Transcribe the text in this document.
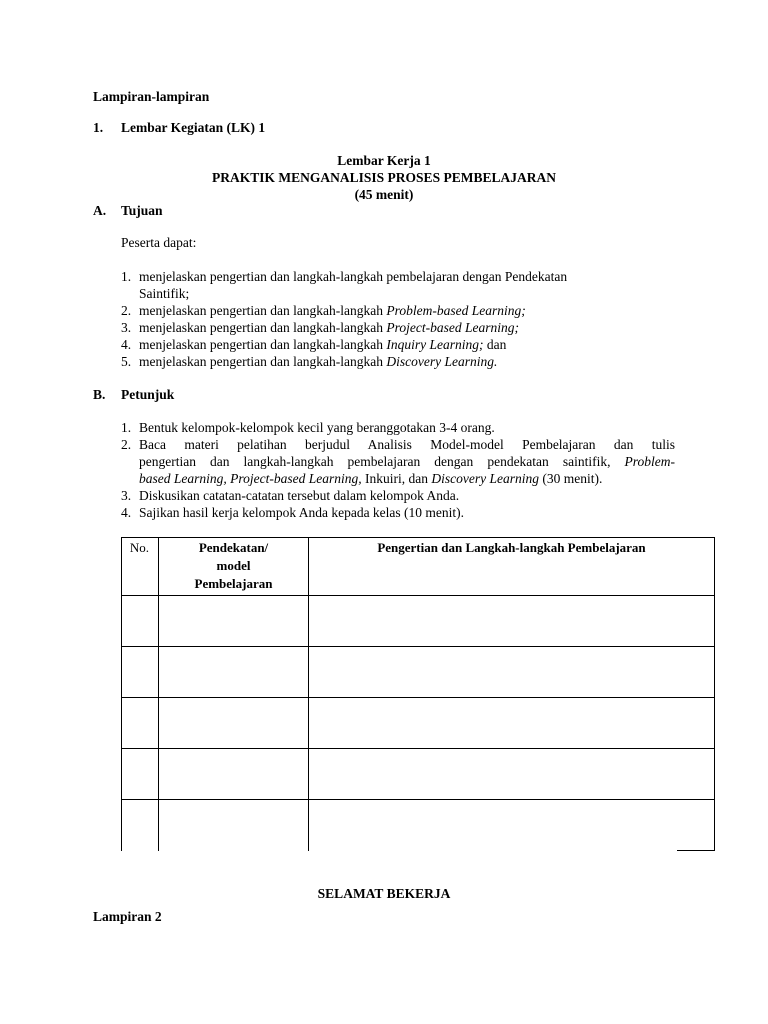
Lampiran-lampiran
1. Lembar Kegiatan (LK) 1
Lembar Kerja 1
PRAKTIK MENGANALISIS PROSES PEMBELAJARAN
(45 menit)
A. Tujuan
Peserta dapat:
1. menjelaskan pengertian dan langkah-langkah pembelajaran dengan Pendekatan
Saintifik;
2. menjelaskan pengertian dan langkah-langkah Problem-based Learning;
3. menjelaskan pengertian dan langkah-langkah Project-based Learning;
4. menjelaskan pengertian dan langkah-langkah Inquiry Learning; dan
5. menjelaskan pengertian dan langkah-langkah Discovery Learning.
B. Petunjuk
1. Bentuk kelompok-kelompok kecil yang beranggotakan 3-4 orang.
2. Baca materi pelatihan berjudul Analisis Model-model Pembelajaran dan tulis
pengertian dan langkah-langkah pembelajaran dengan pendekatan saintifik, Problem-
based Learning, Project-based Learning, Inkuiri, dan Discovery Learning (30 menit).
3. Diskusikan catatan-catatan tersebut dalam kelompok Anda.
4. Sajikan hasil kerja kelompok Anda kepada kelas (10 menit).
No.	Pendekatan/
model
Pembelajaran
Pengertian dan Langkah-langkah Pembelajaran
SELAMAT BEKERJA
Lampiran 2
